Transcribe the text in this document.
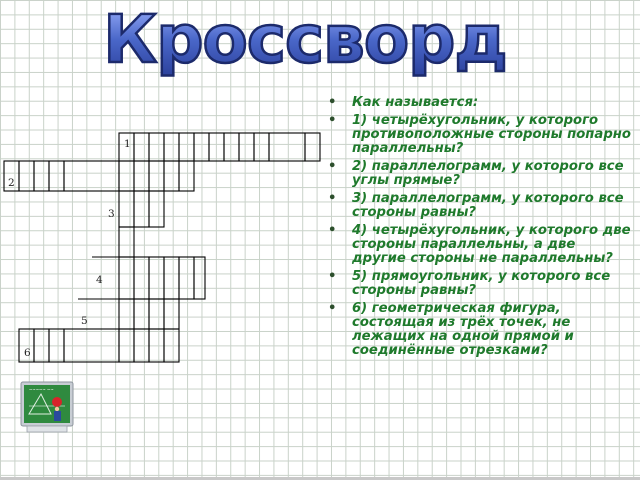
Кроссворд
1
2
3
4
5
6
• Как называется:
• 1) четырёхугольник, у которого противоположные стороны попарно параллельны?
• 2) параллелограмм, у которого все углы прямые?
• 3) параллелограмм, у которого все стороны равны?
• 4) четырёхугольник, у которого две стороны параллельны, а две другие стороны не параллельны?
• 5) прямоугольник, у которого все стороны равны?
• 6) геометрическая фигура, состоящая из трёх точек, не лежащих на одной прямой и соединённые отрезками?
~~~~~ ~~
